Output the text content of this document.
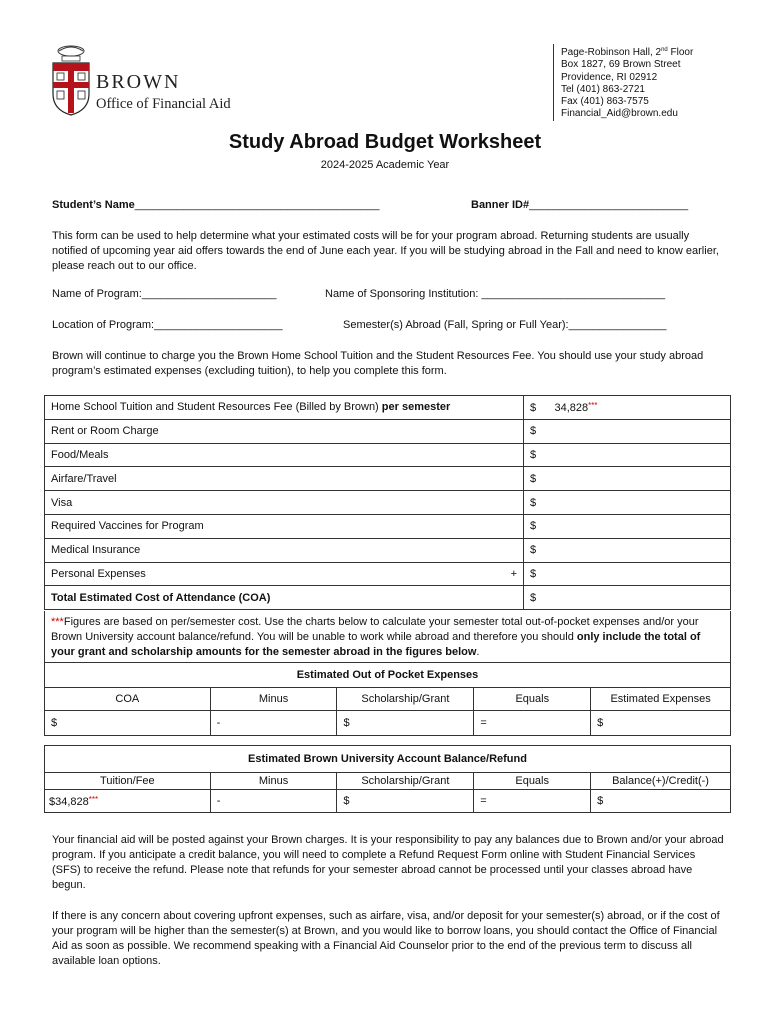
BROWN
Office of Financial Aid
Page-Robinson Hall, 2nd Floor
Box 1827, 69 Brown Street
Providence, RI 02912
Tel (401) 863-2721
Fax (401) 863-7575
Financial_Aid@brown.edu
Study Abroad Budget Worksheet
2024-2025 Academic Year
Student’s Name________________________________________	Banner ID#__________________________
This form can be used to help determine what your estimated costs will be for your program abroad. Returning students are usually notified of upcoming year aid offers towards the end of June each year. If you will be studying abroad in the Fall and need to know earlier, please reach out to our office.
Name of Program:______________________	Name of Sponsoring Institution: ______________________________
Location of Program:_____________________	Semester(s) Abroad (Fall, Spring or Full Year):________________
Brown will continue to charge you the Brown Home School Tuition and the Student Resources Fee. You should use your study abroad program’s estimated expenses (excluding tuition), to help you complete this form.
Home School Tuition and Student Resources Fee (Billed by Brown) per semester	$      34,828***
Rent or Room Charge	$
Food/Meals	$
Airfare/Travel	$
Visa	$
Required Vaccines for Program	$
Medical Insurance	$

Personal Expenses +	$
Total Estimated Cost of Attendance (COA)	$
***Figures are based on per/semester cost. Use the charts below to calculate your semester total out-of-pocket expenses and/or your Brown University account balance/refund. You will be unable to work while abroad and therefore you should only include the total of your grant and scholarship amounts for the semester abroad in the figures below.
Estimated Out of Pocket Expenses				
COA	Minus	Scholarship/Grant	Equals	Estimated Expenses
$	-	$	=	$
Estimated Brown University Account Balance/Refund				
Tuition/Fee	Minus	Scholarship/Grant	Equals	Balance(+)/Credit(-)
$34,828***	-	$	=	$
Your financial aid will be posted against your Brown charges. It is your responsibility to pay any balances due to Brown and/or your abroad program. If you anticipate a credit balance, you will need to complete a Refund Request Form online with Student Financial Services (SFS) to receive the refund. Please note that refunds for your semester abroad cannot be processed until your classes abroad have begun.
If there is any concern about covering upfront expenses, such as airfare, visa, and/or deposit for your semester(s) abroad, or if the cost of your program will be higher than the semester(s) at Brown, and you would like to borrow loans, you should contact the Office of Financial Aid as soon as possible. We recommend speaking with a Financial Aid Counselor prior to the end of the previous term to discuss all available loan options.
